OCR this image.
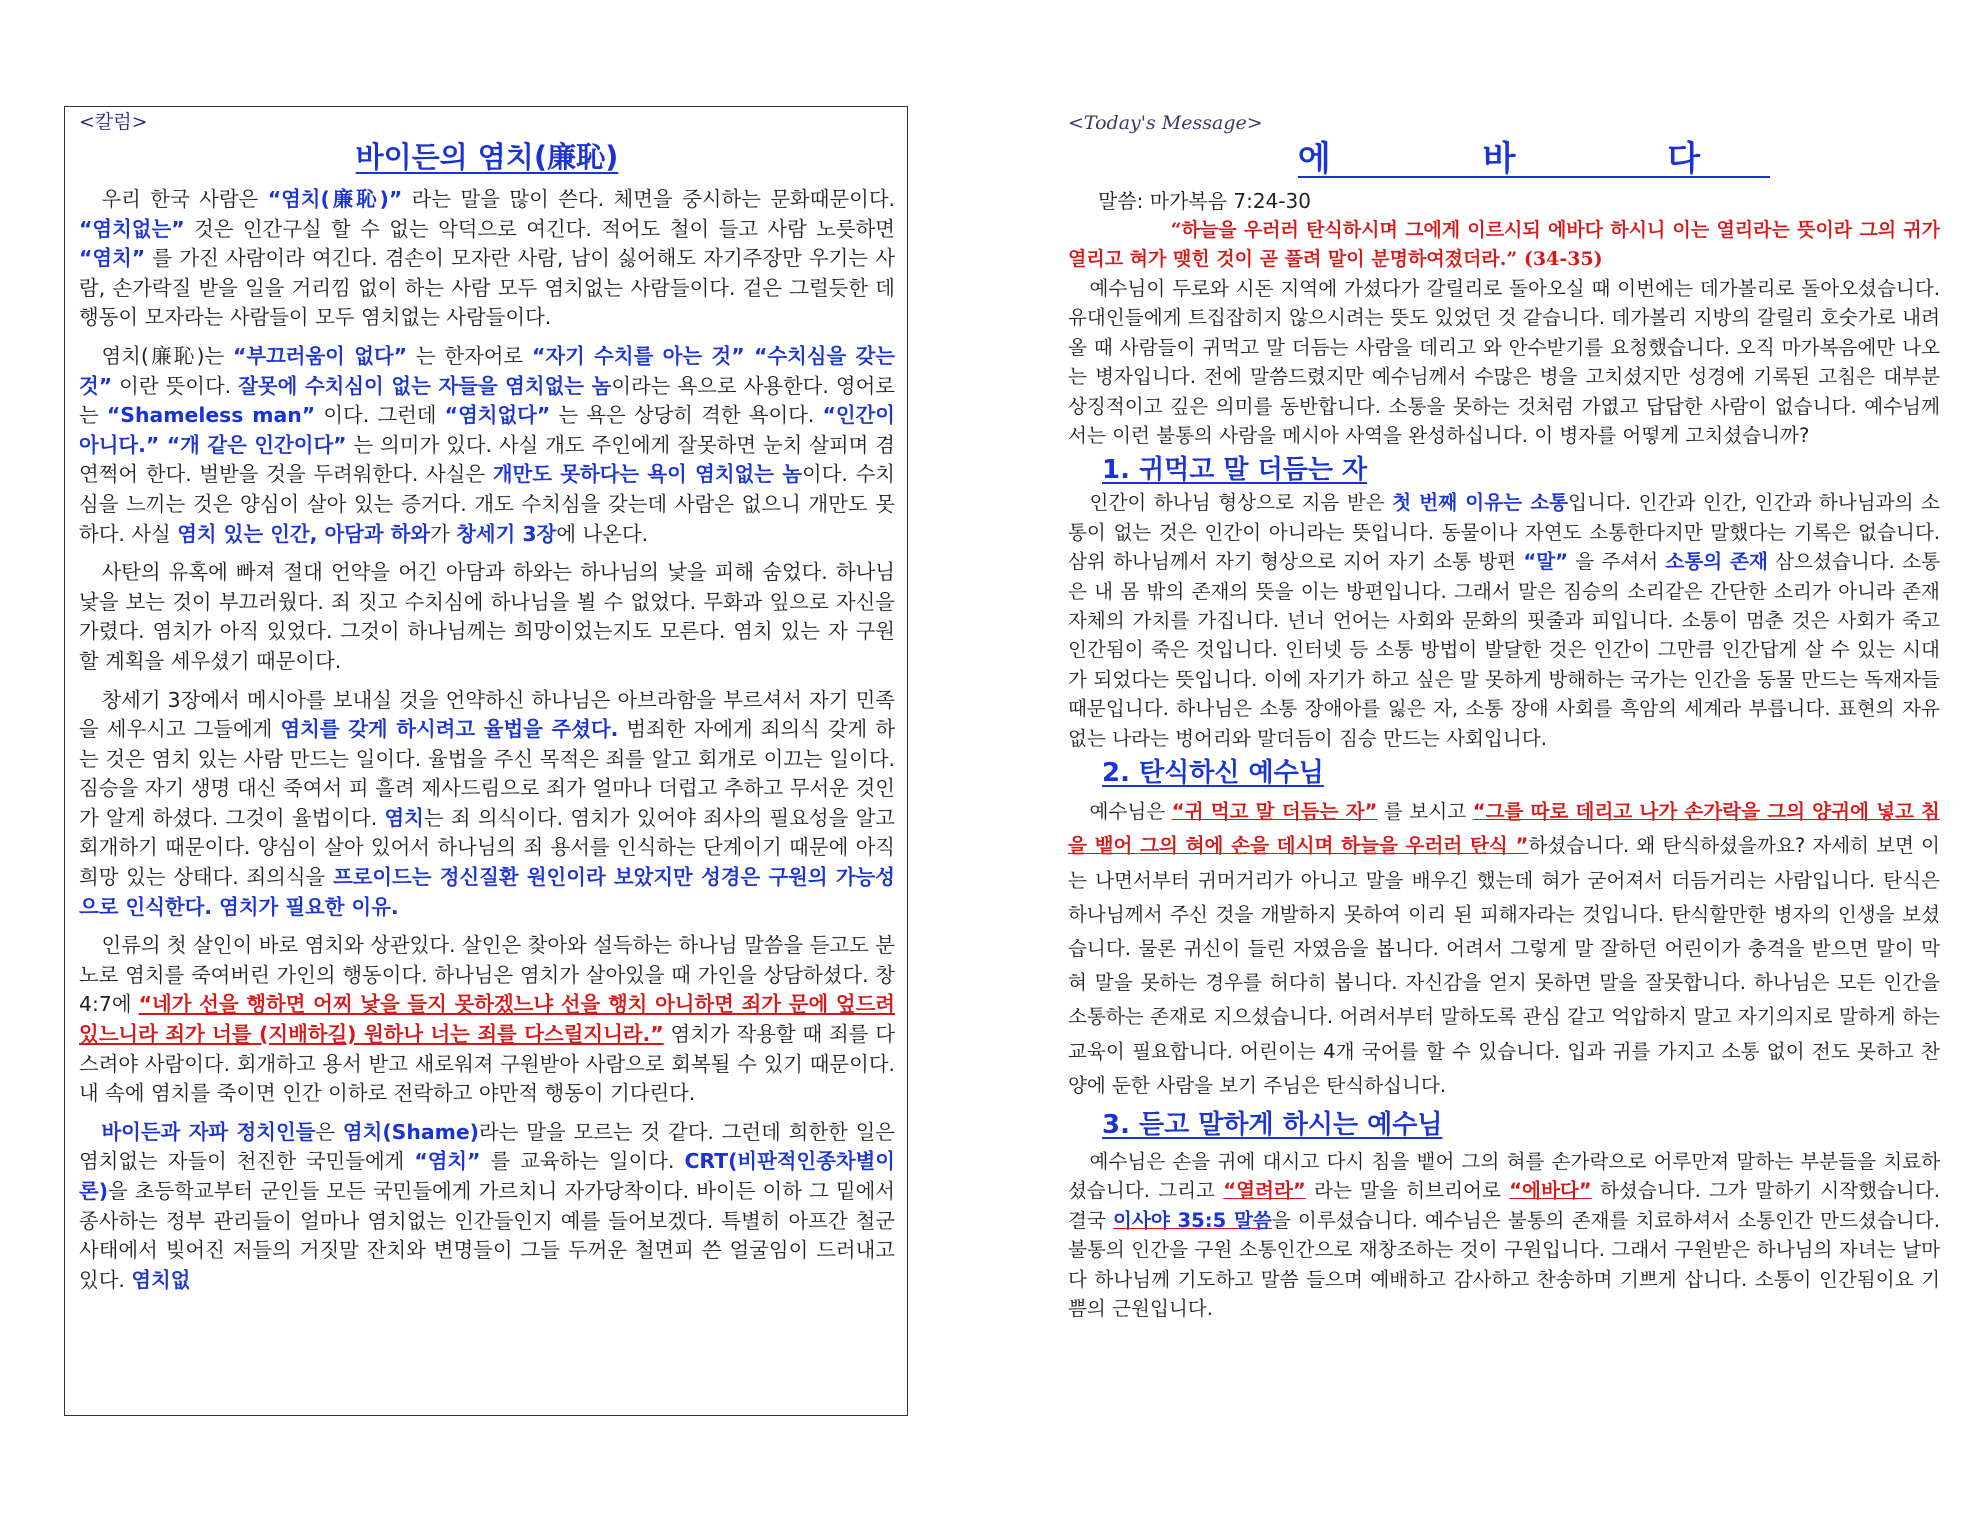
<칼럼>
바이든의 염치(廉恥)

우리 한국 사람은 “염치(廉恥)” 라는 말을 많이 쓴다. 체면을 중시하는 문화때문이다. “염치없는” 것은 인간구실 할 수 없는 악덕으로 여긴다. 적어도 철이 들고 사람 노릇하면 “염치” 를 가진 사람이라 여긴다. 겸손이 모자란 사람, 남이 싫어해도 자기주장만 우기는 사람, 손가락질 받을 일을 거리낌 없이 하는 사람 모두 염치없는 사람들이다. 겉은 그럴듯한 데 행동이 모자라는 사람들이 모두 염치없는 사람들이다.

염치(廉恥)는 “부끄러움이 없다” 는 한자어로 “자기 수치를 아는 것” “수치심을 갖는 것” 이란 뜻이다. 잘못에 수치심이 없는 자들을 염치없는 놈이라는 욕으로 사용한다. 영어로는 “Shameless man” 이다. 그런데 “염치없다” 는 욕은 상당히 격한 욕이다. “인간이 아니다.” “개 같은 인간이다” 는 의미가 있다. 사실 개도 주인에게 잘못하면 눈치 살피며 겸연쩍어 한다. 벌받을 것을 두려워한다. 사실은 개만도 못하다는 욕이 염치없는 놈이다. 수치심을 느끼는 것은 양심이 살아 있는 증거다. 개도 수치심을 갖는데 사람은 없으니 개만도 못하다. 사실 염치 있는 인간, 아담과 하와가 창세기 3장에 나온다.

사탄의 유혹에 빠져 절대 언약을 어긴 아담과 하와는 하나님의 낯을 피해 숨었다. 하나님 낯을 보는 것이 부끄러웠다. 죄 짓고 수치심에 하나님을 뵐 수 없었다. 무화과 잎으로 자신을 가렸다. 염치가 아직 있었다. 그것이 하나님께는 희망이었는지도 모른다. 염치 있는 자 구원할 계획을 세우셨기 때문이다.

창세기 3장에서 메시아를 보내실 것을 언약하신 하나님은 아브라함을 부르셔서 자기 민족을 세우시고 그들에게 염치를 갖게 하시려고 율법을 주셨다. 범죄한 자에게 죄의식 갖게 하는 것은 염치 있는 사람 만드는 일이다. 율법을 주신 목적은 죄를 알고 회개로 이끄는 일이다. 짐승을 자기 생명 대신 죽여서 피 흘려 제사드림으로 죄가 얼마나 더럽고 추하고 무서운 것인가 알게 하셨다. 그것이 율법이다. 염치는 죄 의식이다. 염치가 있어야 죄사의 필요성을 알고 회개하기 때문이다. 양심이 살아 있어서 하나님의 죄 용서를 인식하는 단계이기 때문에 아직 희망 있는 상태다. 죄의식을 프로이드는 정신질환 원인이라 보았지만 성경은 구원의 가능성으로 인식한다. 염치가 필요한 이유.

인류의 첫 살인이 바로 염치와 상관있다. 살인은 찾아와 설득하는 하나님 말씀을 듣고도 분노로 염치를 죽여버린 가인의 행동이다. 하나님은 염치가 살아있을 때 가인을 상담하셨다. 창 4:7에 “네가 선을 행하면 어찌 낯을 들지 못하겠느냐 선을 행치 아니하면 죄가 문에 엎드려 있느니라 죄가 너를 (지배하길) 원하나 너는 죄를 다스릴지니라.” 염치가 작용할 때 죄를 다스려야 사람이다. 회개하고 용서 받고 새로워져 구원받아 사람으로 회복될 수 있기 때문이다. 내 속에 염치를 죽이면 인간 이하로 전락하고 야만적 행동이 기다린다.

바이든과 자파 정치인들은 염치(Shame)라는 말을 모르는 것 같다. 그런데 희한한 일은 염치없는 자들이 천진한 국민들에게 “염치” 를 교육하는 일이다. CRT(비판적인종차별이론)을 초등학교부터 군인들 모든 국민들에게 가르치니 자가당착이다. 바이든 이하 그 밑에서 종사하는 정부 관리들이 얼마나 염치없는 인간들인지 예를 들어보겠다. 특별히 아프간 철군 사태에서 빚어진 저들의 거짓말 잔치와 변명들이 그들 두꺼운 철면피 쓴 얼굴임이 드러내고 있다. 염치없

<Today's Message>
에 바 다
말씀: 마가복음 7:24-30

“하늘을 우러러 탄식하시며 그에게 이르시되 에바다 하시니 이는 열리라는 뜻이라 그의 귀가 열리고 혀가 맺힌 것이 곧 풀려 말이 분명하여졌더라.” (34-35)

예수님이 두로와 시돈 지역에 가셨다가 갈릴리로 돌아오실 때 이번에는 데가볼리로 돌아오셨습니다. 유대인들에게 트집잡히지 않으시려는 뜻도 있었던 것 같습니다. 데가볼리 지방의 갈릴리 호숫가로 내려올 때 사람들이 귀먹고 말 더듬는 사람을 데리고 와 안수받기를 요청했습니다. 오직 마가복음에만 나오는 병자입니다. 전에 말씀드렸지만 예수님께서 수많은 병을 고치셨지만 성경에 기록된 고침은 대부분 상징적이고 깊은 의미를 동반합니다. 소통을 못하는 것처럼 가엾고 답답한 사람이 없습니다. 예수님께서는 이런 불통의 사람을 메시아 사역을 완성하십니다. 이 병자를 어떻게 고치셨습니까?

1. 귀먹고 말 더듬는 자

인간이 하나님 형상으로 지음 받은 첫 번째 이유는 소통입니다. 인간과 인간, 인간과 하나님과의 소통이 없는 것은 인간이 아니라는 뜻입니다. 동물이나 자연도 소통한다지만 말했다는 기록은 없습니다. 삼위 하나님께서 자기 형상으로 지어 자기 소통 방편 “말” 을 주셔서 소통의 존재 삼으셨습니다. 소통은 내 몸 밖의 존재의 뜻을 이는 방편입니다. 그래서 말은 짐승의 소리같은 간단한 소리가 아니라 존재 자체의 가치를 가집니다. 넌너 언어는 사회와 문화의 핏줄과 피입니다. 소통이 멈춘 것은 사회가 죽고 인간됨이 죽은 것입니다. 인터넷 등 소통 방법이 발달한 것은 인간이 그만큼 인간답게 살 수 있는 시대가 되었다는 뜻입니다. 이에 자기가 하고 싶은 말 못하게 방해하는 국가는 인간을 동물 만드는 독재자들 때문입니다. 하나님은 소통 장애아를 잃은 자, 소통 장애 사회를 흑암의 세계라 부릅니다. 표현의 자유 없는 나라는 벙어리와 말더듬이 짐승 만드는 사회입니다.

2. 탄식하신 예수님

예수님은 “귀 먹고 말 더듬는 자” 를 보시고 “그를 따로 데리고 나가 손가락을 그의 양귀에 넣고 침을 뱉어 그의 혀에 손을 데시며 하늘을 우러러 탄식 ”하셨습니다. 왜 탄식하셨을까요? 자세히 보면 이는 나면서부터 귀머거리가 아니고 말을 배우긴 했는데 혀가 굳어져서 더듬거리는 사람입니다. 탄식은 하나님께서 주신 것을 개발하지 못하여 이리 된 피해자라는 것입니다. 탄식할만한 병자의 인생을 보셨습니다. 물론 귀신이 들린 자였음을 봅니다. 어려서 그렇게 말 잘하던 어린이가 충격을 받으면 말이 막혀 말을 못하는 경우를 허다히 봅니다. 자신감을 얻지 못하면 말을 잘못합니다. 하나님은 모든 인간을 소통하는 존재로 지으셨습니다. 어려서부터 말하도록 관심 같고 억압하지 말고 자기의지로 말하게 하는 교육이 필요합니다. 어린이는 4개 국어를 할 수 있습니다. 입과 귀를 가지고 소통 없이 전도 못하고 찬양에 둔한 사람을 보기 주님은 탄식하십니다.

3. 듣고 말하게 하시는 예수님

예수님은 손을 귀에 대시고 다시 침을 뱉어 그의 혀를 손가락으로 어루만져 말하는 부분들을 치료하셨습니다. 그리고 “열려라” 라는 말을 히브리어로 “에바다” 하셨습니다. 그가 말하기 시작했습니다. 결국 이사야 35:5 말씀을 이루셨습니다. 예수님은 불통의 존재를 치료하셔서 소통인간 만드셨습니다. 불통의 인간을 구원 소통인간으로 재창조하는 것이 구원입니다. 그래서 구원받은 하나님의 자녀는 날마다 하나님께 기도하고 말씀 들으며 예배하고 감사하고 찬송하며 기쁘게 삽니다. 소통이 인간됨이요 기쁨의 근원입니다.
